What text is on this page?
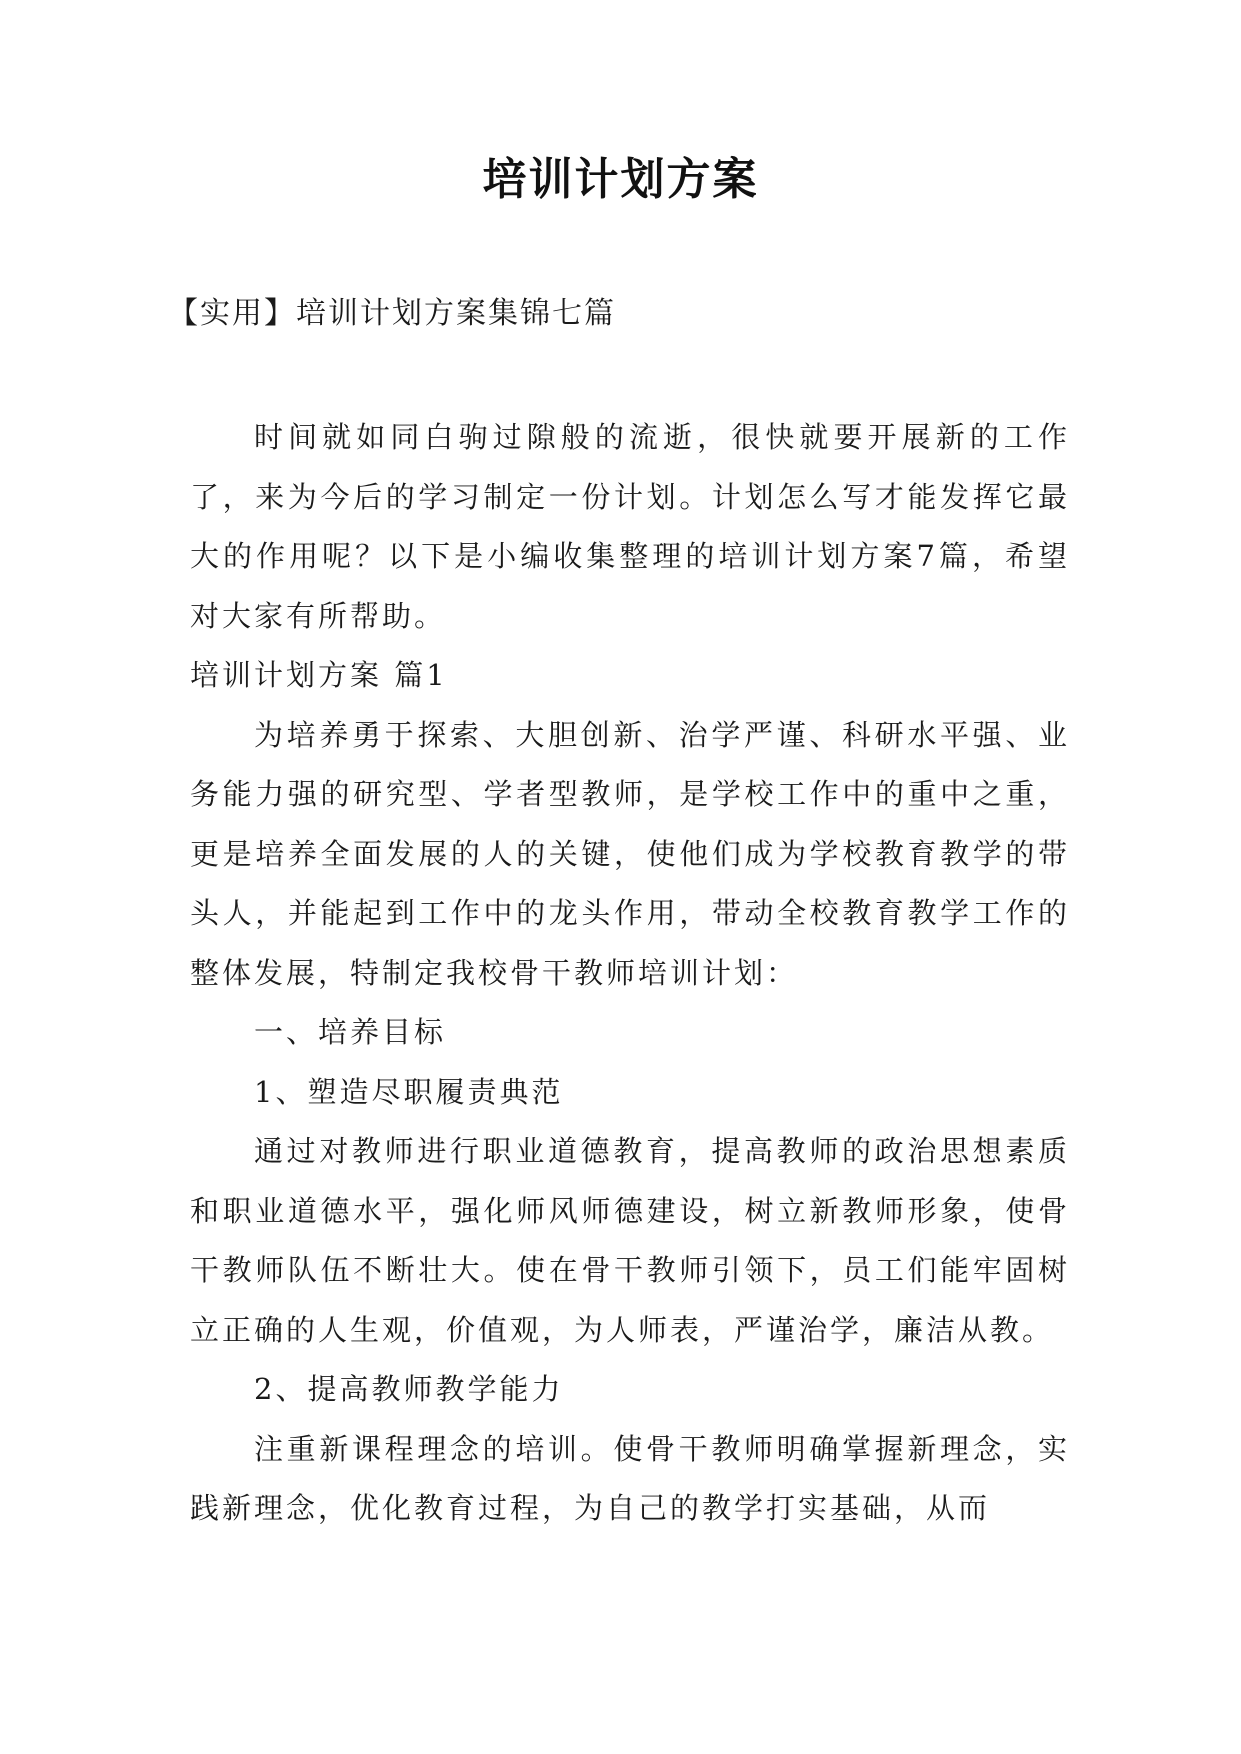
培训计划方案

【实用】培训计划方案集锦七篇

时间就如同白驹过隙般的流逝，很快就要开展新的工作了，来为今后的学习制定一份计划。计划怎么写才能发挥它最大的作用呢？以下是小编收集整理的培训计划方案7篇，希望对大家有所帮助。

培训计划方案 篇1

为培养勇于探索、大胆创新、治学严谨、科研水平强、业务能力强的研究型、学者型教师，是学校工作中的重中之重，更是培养全面发展的人的关键，使他们成为学校教育教学的带头人，并能起到工作中的龙头作用，带动全校教育教学工作的整体发展，特制定我校骨干教师培训计划：

一、培养目标

1、塑造尽职履责典范

通过对教师进行职业道德教育，提高教师的政治思想素质和职业道德水平，强化师风师德建设，树立新教师形象，使骨干教师队伍不断壮大。使在骨干教师引领下，员工们能牢固树立正确的人生观，价值观，为人师表，严谨治学，廉洁从教。

2、提高教师教学能力

注重新课程理念的培训。使骨干教师明确掌握新理念，实践新理念，优化教育过程，为自己的教学打实基础，从而
